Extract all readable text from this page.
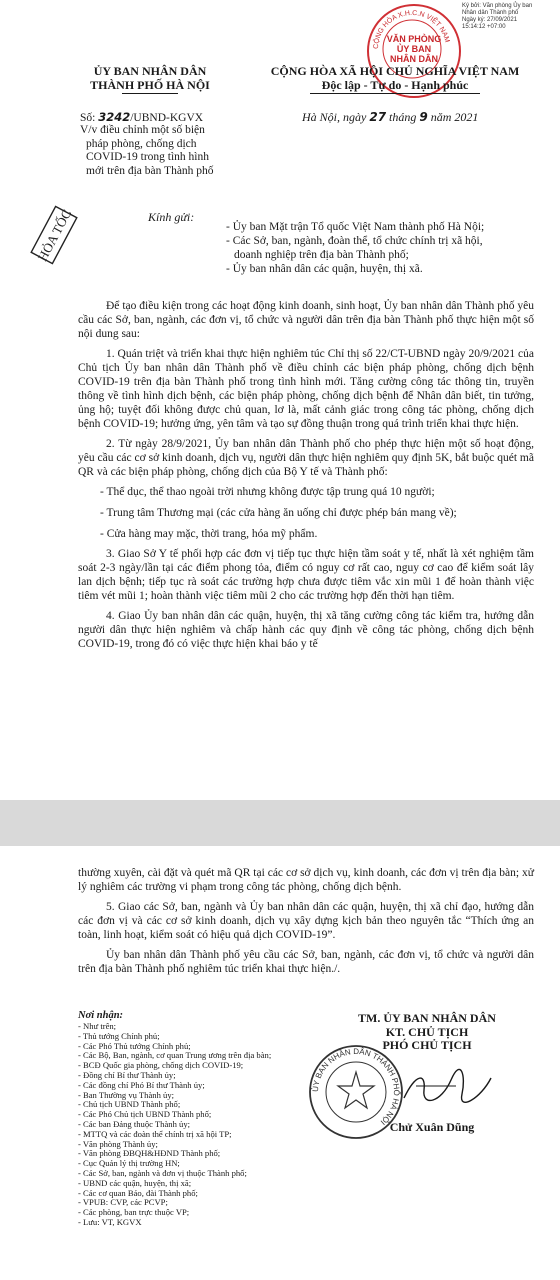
Ký bởi: Văn phòng Ủy ban
Nhân dân Thành phố
Ngày ký: 27/09/2021
15:14:12 +07:00
CỘNG HÒA X.H.C.N VIỆT NAM
VĂN PHÒNG
ỦY BAN
NHÂN DÂN
ỦY BAN NHÂN DÂN
THÀNH PHỐ HÀ NỘI
CỘNG HÒA XÃ HỘI CHỦ NGHĨA VIỆT NAM
Độc lập - Tự do - Hạnh phúc
Số: 3242/UBND-KGVX
V/v điều chỉnh một số biện
pháp phòng, chống dịch
COVID-19 trong tình hình
mới trên địa bàn Thành phố
Hà Nội, ngày 27 tháng 9 năm 2021
HỎA TỐC	Kính gửi:
- Ủy ban Mặt trận Tổ quốc Việt Nam thành phố Hà Nội;
- Các Sở, ban, ngành, đoàn thể, tổ chức chính trị xã hội,
doanh nghiệp trên địa bàn Thành phố;
- Ủy ban nhân dân các quận, huyện, thị xã.

Để tạo điều kiện trong các hoạt động kinh doanh, sinh hoạt, Ủy ban nhân dân Thành phố yêu cầu các Sở, ban, ngành, các đơn vị, tổ chức và người dân trên địa bàn Thành phố thực hiện một số nội dung sau:

1. Quán triệt và triển khai thực hiện nghiêm túc Chỉ thị số 22/CT-UBND ngày 20/9/2021 của Chủ tịch Ủy ban nhân dân Thành phố về điều chỉnh các biện pháp phòng, chống dịch bệnh COVID-19 trên địa bàn Thành phố trong tình hình mới. Tăng cường công tác thông tin, truyền thông về tình hình dịch bệnh, các biện pháp phòng, chống dịch bệnh để Nhân dân biết, tin tưởng, ủng hộ; tuyệt đối không được chủ quan, lơ là, mất cảnh giác trong công tác phòng, chống dịch bệnh COVID-19; hưởng ứng, yên tâm và tạo sự đồng thuận trong quá trình triển khai thực hiện.

2. Từ ngày 28/9/2021, Ủy ban nhân dân Thành phố cho phép thực hiện một số hoạt động, yêu cầu các cơ sở kinh doanh, dịch vụ, người dân thực hiện nghiêm quy định 5K, bắt buộc quét mã QR và các biện pháp phòng, chống dịch của Bộ Y tế và Thành phố:

- Thể dục, thể thao ngoài trời nhưng không được tập trung quá 10 người;
- Trung tâm Thương mại (các cửa hàng ăn uống chỉ được phép bán mang về);
- Cửa hàng may mặc, thời trang, hóa mỹ phẩm.

3. Giao Sở Y tế phối hợp các đơn vị tiếp tục thực hiện tầm soát y tế, nhất là xét nghiệm tầm soát 2-3 ngày/lần tại các điểm phong tỏa, điểm có nguy cơ rất cao, nguy cơ cao để kiểm soát lây lan dịch bệnh; tiếp tục rà soát các trường hợp chưa được tiêm vắc xin mũi 1 để hoàn thành việc tiêm vét mũi 1; hoàn thành việc tiêm mũi 2 cho các trường hợp đến thời hạn tiêm.

4. Giao Ủy ban nhân dân các quận, huyện, thị xã tăng cường công tác kiểm tra, hướng dẫn người dân thực hiện nghiêm và chấp hành các quy định về công tác phòng, chống dịch bệnh COVID-19, trong đó có việc thực hiện khai báo y tế

thường xuyên, cài đặt và quét mã QR tại các cơ sở dịch vụ, kinh doanh, các đơn vị trên địa bàn; xử lý nghiêm các trường vi phạm trong công tác phòng, chống dịch bệnh.

5. Giao các Sở, ban, ngành và Ủy ban nhân dân các quận, huyện, thị xã chỉ đạo, hướng dẫn các đơn vị và các cơ sở kinh doanh, dịch vụ xây dựng kịch bản theo nguyên tắc “Thích ứng an toàn, linh hoạt, kiểm soát có hiệu quả dịch COVID-19”.

Ủy ban nhân dân Thành phố yêu cầu các Sở, ban, ngành, các đơn vị, tổ chức và người dân trên địa bàn Thành phố nghiêm túc triển khai thực hiện./.

Nơi nhận:
- Như trên;
- Thủ tướng Chính phủ;
- Các Phó Thủ tướng Chính phủ;
- Các Bộ, Ban, ngành, cơ quan Trung ương trên địa bàn;
- BCĐ Quốc gia phòng, chống dịch COVID-19;
- Đồng chí Bí thư Thành ủy;
- Các đồng chí Phó Bí thư Thành ủy;
- Ban Thường vụ Thành ủy;
- Chủ tịch UBND Thành phố;
- Các Phó Chủ tịch UBND Thành phố;
- Các ban Đảng thuộc Thành ủy;
- MTTQ và các đoàn thể chính trị xã hội TP;
- Văn phòng Thành ủy;
- Văn phòng ĐBQH&HĐND Thành phố;
- Cục Quản lý thị trường HN;
- Các Sở, ban, ngành và đơn vị thuộc Thành phố;
- UBND các quận, huyện, thị xã;
- Các cơ quan Báo, đài Thành phố;
- VPUB: CVP, các PCVP;
- Các phòng, ban trực thuộc VP;
- Lưu: VT, KGVX
TM. ỦY BAN NHÂN DÂN
KT. CHỦ TỊCH
PHÓ CHỦ TỊCH
ỦY BAN NHÂN DÂN THÀNH PHỐ HÀ NỘI Chử Xuân Dũng
